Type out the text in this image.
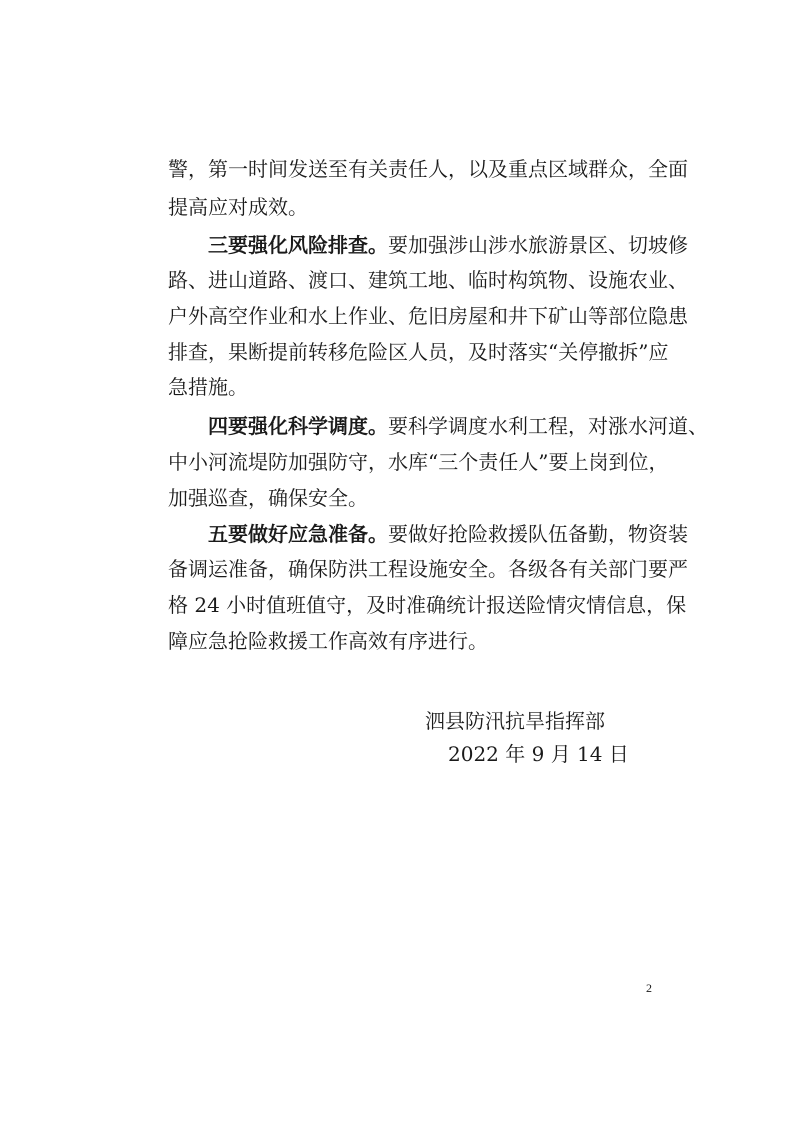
警，第一时间发送至有关责任人，以及重点区域群众，全面
提高应对成效。
三要强化风险排查。要加强涉山涉水旅游景区、切坡修
路、进山道路、渡口、建筑工地、临时构筑物、设施农业、
户外高空作业和水上作业、危旧房屋和井下矿山等部位隐患
排查，果断提前转移危险区人员，及时落实“关停撤拆”应
急措施。
四要强化科学调度。要科学调度水利工程，对涨水河道、
中小河流堤防加强防守，水库“三个责任人”要上岗到位，
加强巡查，确保安全。
五要做好应急准备。要做好抢险救援队伍备勤，物资装
备调运准备，确保防洪工程设施安全。各级各有关部门要严
格 24 小时值班值守，及时准确统计报送险情灾情信息，保
障应急抢险救援工作高效有序进行。
泗县防汛抗旱指挥部
2022 年 9 月 14 日
2
